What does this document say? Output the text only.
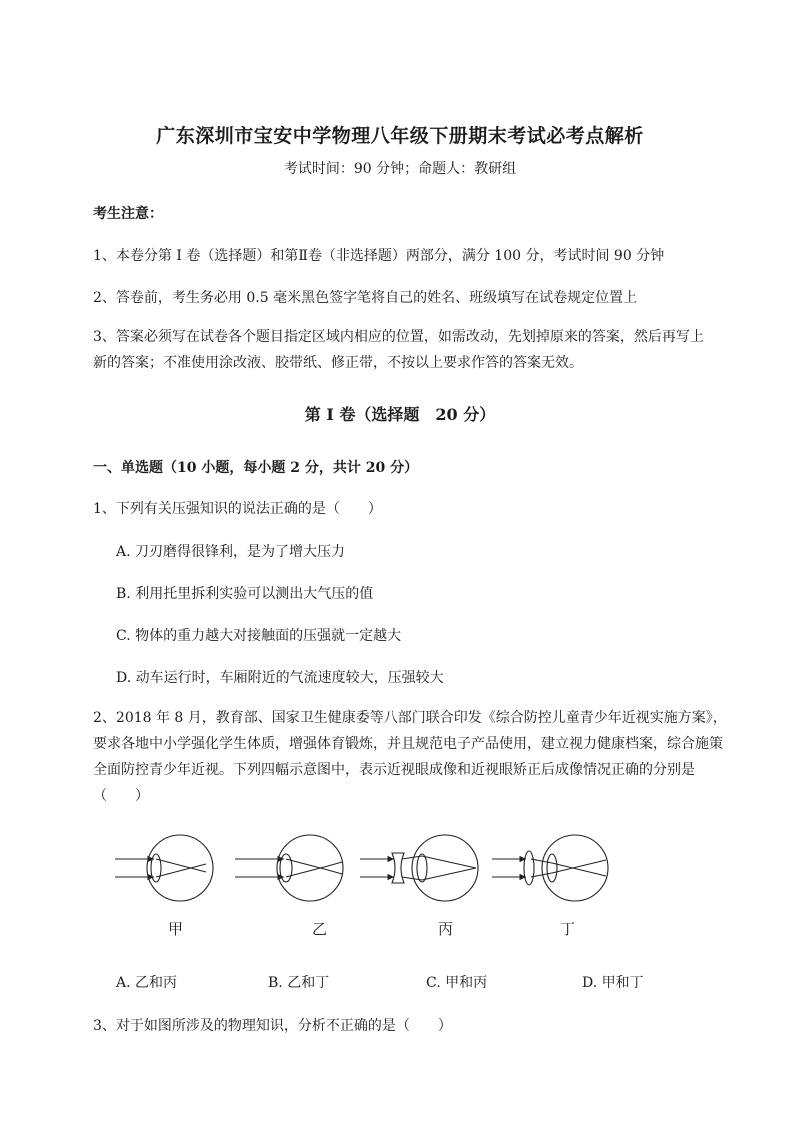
广东深圳市宝安中学物理八年级下册期末考试必考点解析
考试时间：90 分钟；命题人：教研组
考生注意：
1、本卷分第 I 卷（选择题）和第Ⅱ卷（非选择题）两部分，满分 100 分，考试时间 90 分钟
2、答卷前，考生务必用 0.5 毫米黑色签字笔将自己的姓名、班级填写在试卷规定位置上
3、答案必须写在试卷各个题目指定区域内相应的位置，如需改动，先划掉原来的答案，然后再写上新的答案；不准使用涂改液、胶带纸、修正带，不按以上要求作答的答案无效。
第 I 卷（选择题　20 分）
一、单选题（10 小题，每小题 2 分，共计 20 分）
1、下列有关压强知识的说法正确的是（　　）
A. 刀刃磨得很锋利，是为了增大压力
B. 利用托里拆利实验可以测出大气压的值
C. 物体的重力越大对接触面的压强就一定越大
D. 动车运行时，车厢附近的气流速度较大，压强较大
2、2018 年 8 月，教育部、国家卫生健康委等八部门联合印发《综合防控儿童青少年近视实施方案》，要求各地中小学强化学生体质，增强体育锻炼，并且规范电子产品使用，建立视力健康档案，综合施策全面防控青少年近视。下列四幅示意图中，表示近视眼成像和近视眼矫正后成像情况正确的分别是（　　）
甲	乙	丙	丁
A. 乙和丙	B. 乙和丁	C. 甲和丙	D. 甲和丁
3、对于如图所涉及的物理知识，分析不正确的是（　　）
